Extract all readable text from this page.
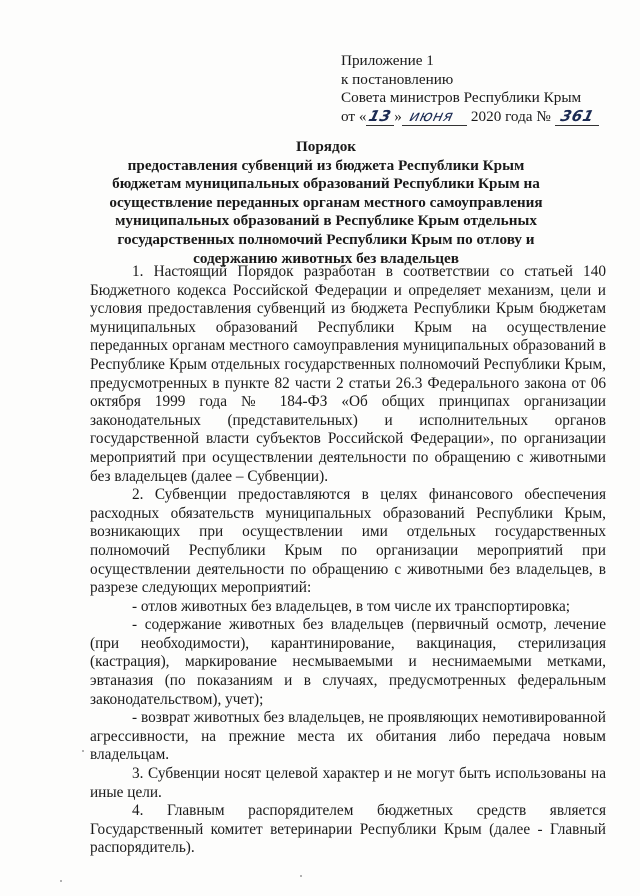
Приложение 1
к постановлению
Совета министров Республики Крым
от «13» июня 2020 года № 361
Порядок
предоставления субвенций из бюджета Республики Крым бюджетам муниципальных образований Республики Крым на осуществление переданных органам местного самоуправления муниципальных образований в Республике Крым отдельных государственных полномочий Республики Крым по отлову и содержанию животных без владельцев

1. Настоящий Порядок разработан в соответствии со статьей 140 Бюджетного кодекса Российской Федерации и определяет механизм, цели и условия предоставления субвенций из бюджета Республики Крым бюджетам муниципальных образований Республики Крым на осуществление переданных органам местного самоуправления муниципальных образований в Республике Крым отдельных государственных полномочий Республики Крым, предусмотренных в пункте 82 части 2 статьи 26.3 Федерального закона от 06 октября 1999 года № 184-ФЗ «Об общих принципах организации законодательных (представительных) и исполнительных органов государственной власти субъектов Российской Федерации», по организации мероприятий при осуществлении деятельности по обращению с животными без владельцев (далее – Субвенции).

2. Субвенции предоставляются в целях финансового обеспечения расходных обязательств муниципальных образований Республики Крым, возникающих при осуществлении ими отдельных государственных полномочий Республики Крым по организации мероприятий при осуществлении деятельности по обращению с животными без владельцев, в разрезе следующих мероприятий:

- отлов животных без владельцев, в том числе их транспортировка;

- содержание животных без владельцев (первичный осмотр, лечение (при необходимости), карантинирование, вакцинация, стерилизация (кастрация), маркирование несмываемыми и неснимаемыми метками, эвтаназия (по показаниям и в случаях, предусмотренных федеральным законодательством), учет);

- возврат животных без владельцев, не проявляющих немотивированной агрессивности, на прежние места их обитания либо передача новым владельцам.

3. Субвенции носят целевой характер и не могут быть использованы на иные цели.

4. Главным распорядителем бюджетных средств является Государственный комитет ветеринарии Республики Крым (далее - Главный распорядитель).
